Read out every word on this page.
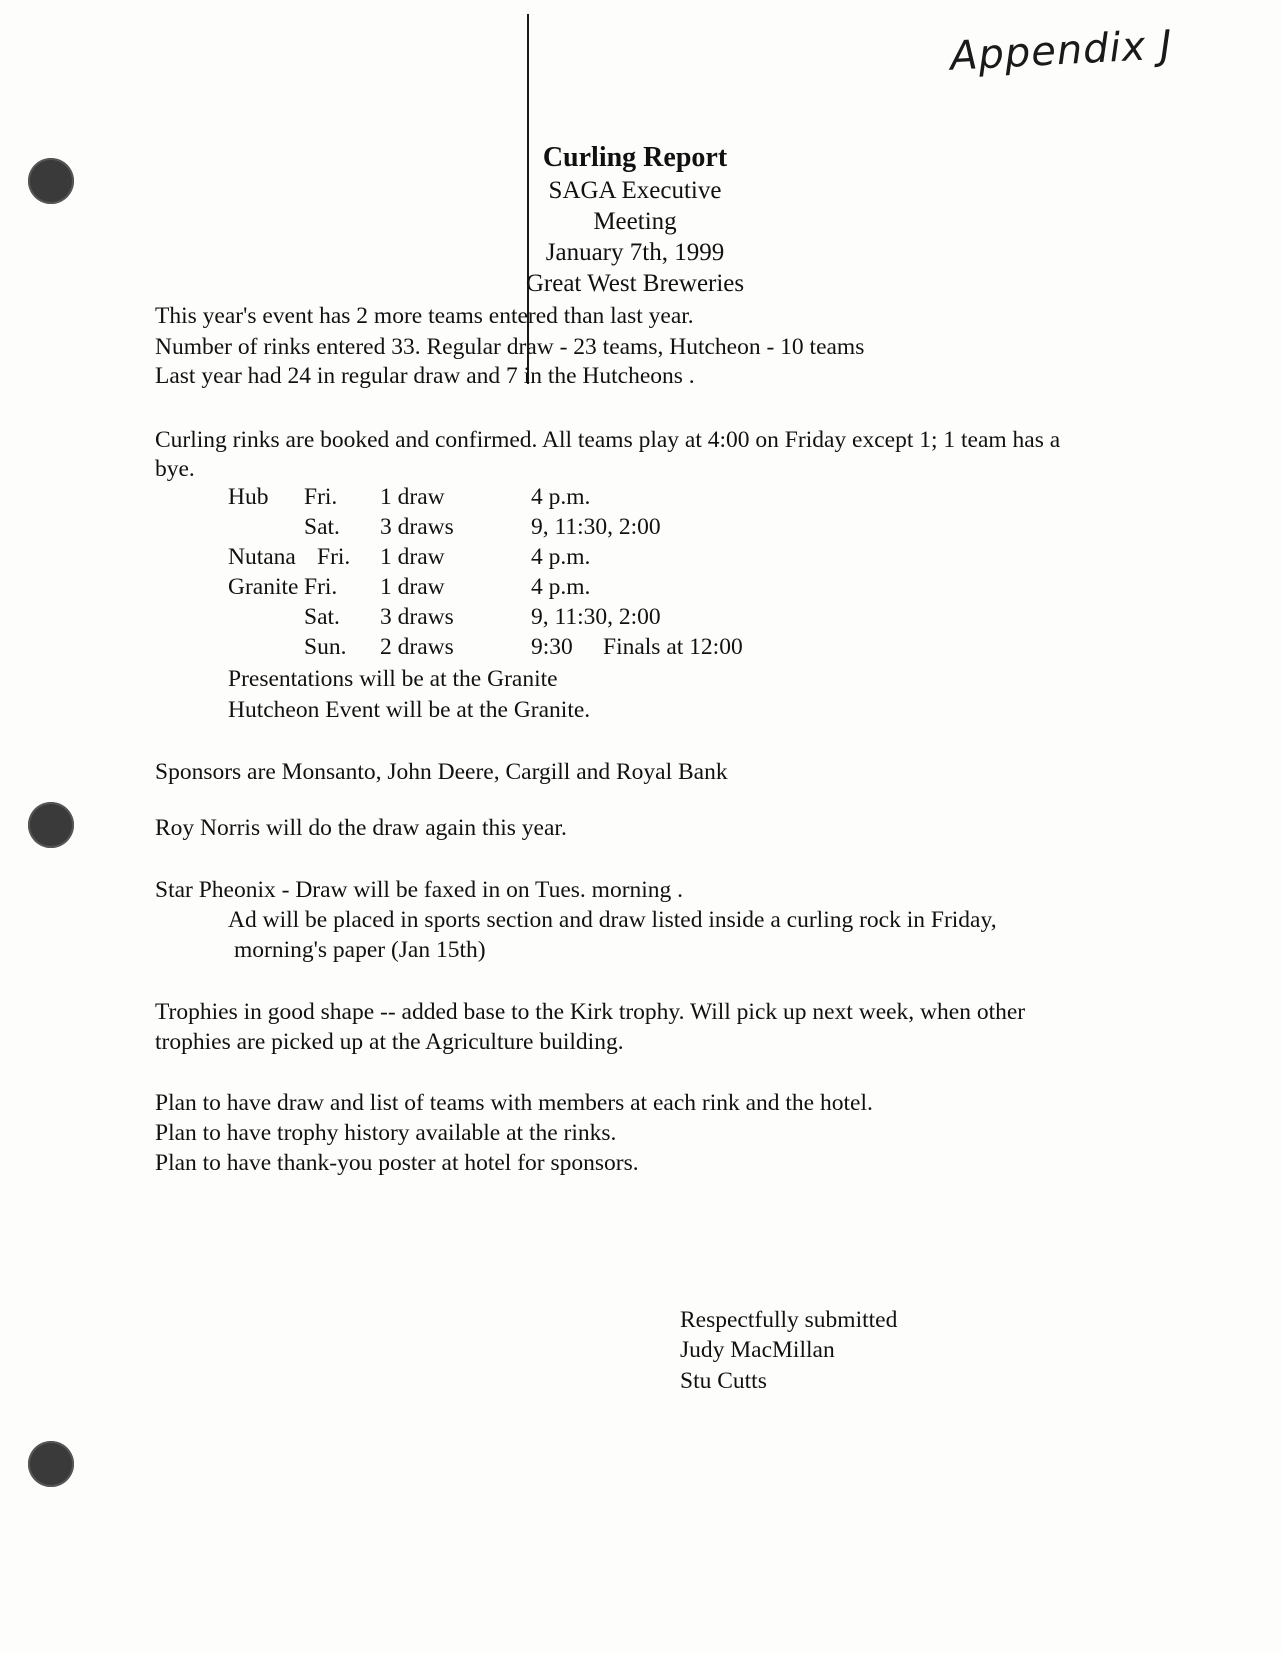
Appendix J
Curling Report
SAGA Executive Meeting
January 7th, 1999
Great West Breweries
This year's event has 2 more teams entered than last year.
Number of rinks entered 33. Regular draw - 23 teams, Hutcheon - 10 teams
Last year had 24 in regular draw and 7 in the Hutcheons .
Curling rinks are booked and confirmed. All teams play at 4:00 on Friday except 1; 1 team has a
bye.
Hub Fri. 1 draw	4 p.m.
Sat. 3 draws	9, 11:30, 2:00
Nutana Fri. 1 draw	4 p.m.
Granite Fri. 1 draw	4 p.m.
Sat. 3 draws	9, 11:30, 2:00
Sun. 2 draws	9:30 Finals at 12:00
Presentations will be at the Granite
Hutcheon Event will be at the Granite.
Sponsors are Monsanto, John Deere, Cargill and Royal Bank
Roy Norris will do the draw again this year.
Star Pheonix - Draw will be faxed in on Tues. morning .
Ad will be placed in sports section and draw listed inside a curling rock in Friday,
morning's paper (Jan 15th)
Trophies in good shape -- added base to the Kirk trophy. Will pick up next week, when other
trophies are picked up at the Agriculture building.
Plan to have draw and list of teams with members at each rink and the hotel.
Plan to have trophy history available at the rinks.
Plan to have thank-you poster at hotel for sponsors.
Respectfully submitted
Judy MacMillan
Stu Cutts
